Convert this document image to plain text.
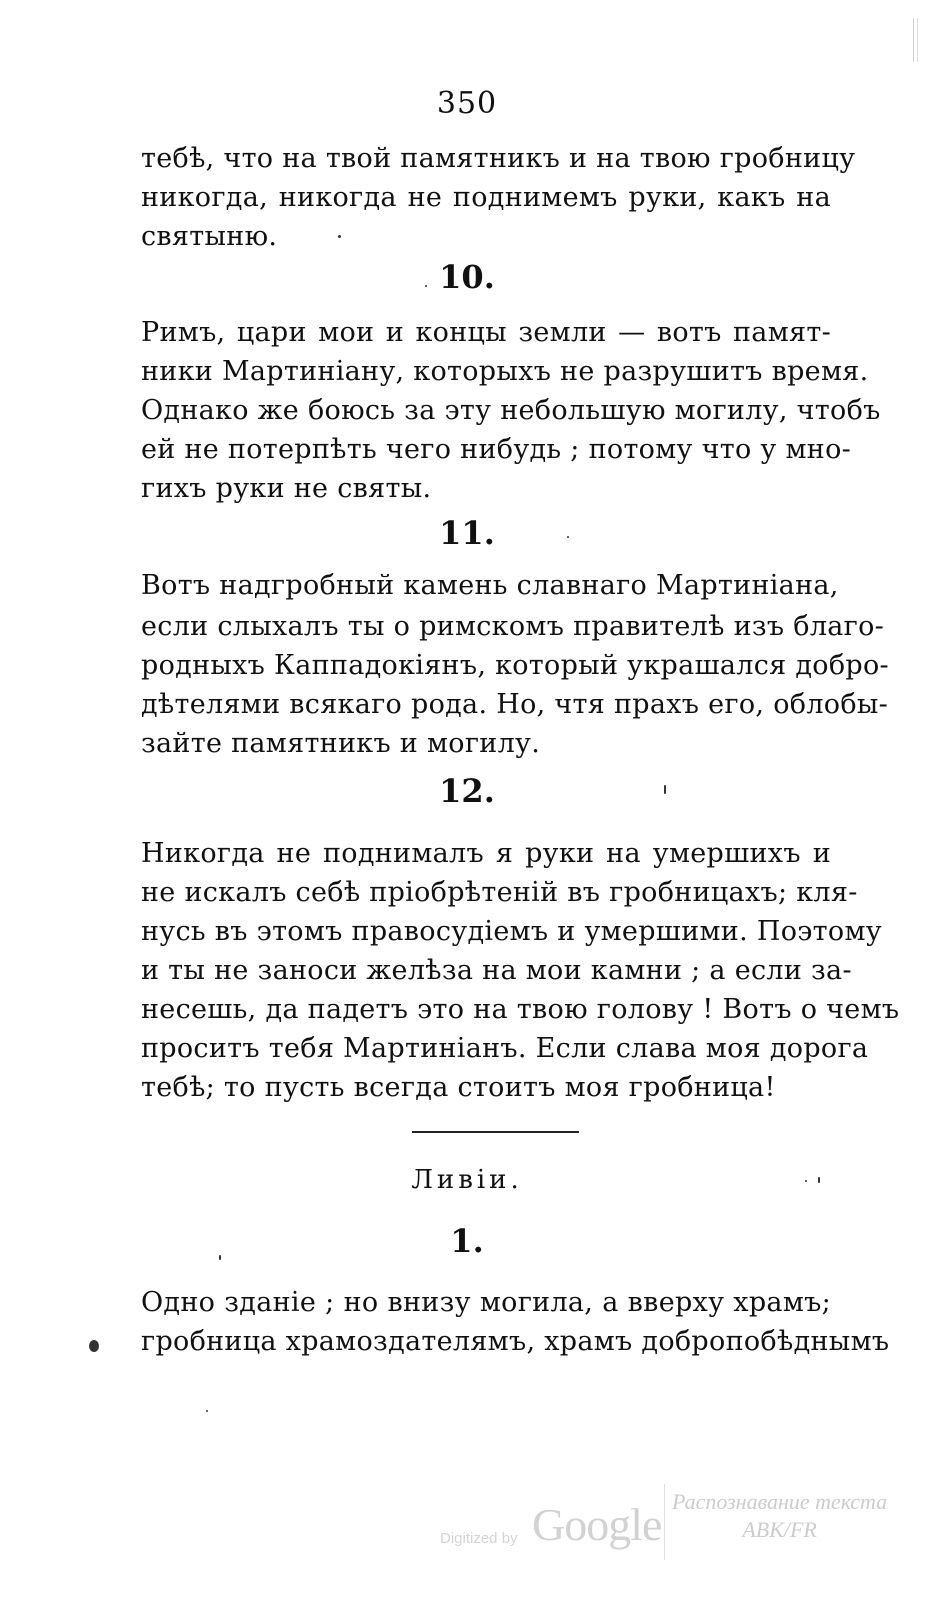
350
тебѣ, что на твой памятникъ и на твою гробницу
никогда, никогда не поднимемъ руки, какъ на
святыню.
10.
Римъ, цари мои и концы земли — вотъ памят-
ники Мартиніану, которыхъ не разрушитъ время.
Однако же боюсь за эту небольшую могилу, чтобъ
ей не потерпѣть чего нибудь ; потому что у мно-
гихъ руки не святы.
11.
Вотъ надгробный камень славнаго Мартиніана,
если слыхалъ ты о римскомъ правителѣ изъ благо-
родныхъ Каппадокіянъ, который украшался добро-
дѣтелями всякаго рода. Но, чтя прахъ его, облобы-
зайте памятникъ и могилу.
12.
Никогда не поднималъ я руки на умершихъ и
не искалъ себѣ пріобрѣтеній въ гробницахъ; кля-
нусь въ этомъ правосудіемъ и умершими. Поэтому
и ты не заноси желѣза на мои камни ; а если за-
несешь, да падетъ это на твою голову ! Вотъ о чемъ
проситъ тебя Мартиніанъ. Если слава моя дорога
тебѣ; то пусть всегда стоитъ моя гробница!
Ливіи.
1.
Одно зданіе ; но внизу могила, а вверху храмъ;
гробница храмоздателямъ, храмъ добропобѣднымъ
Digitized by Google Распознавание текста
ABK/FR
